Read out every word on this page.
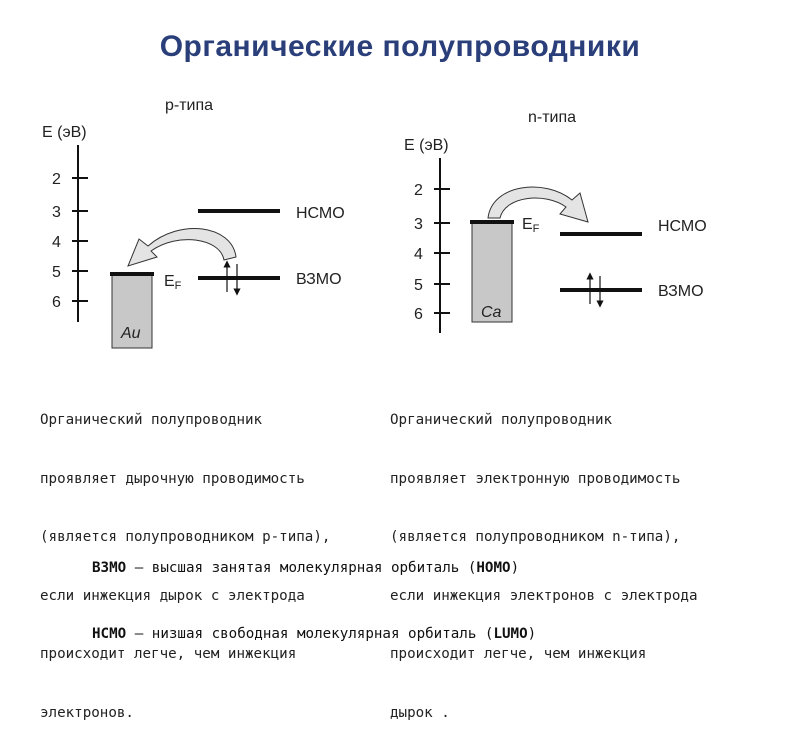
Органические полупроводники
p-типа
E (эВ)
2
3
4
5
6
Au
EF
НСМО
ВЗМО
n-типа
E (эВ)
2
3
4
5
6	Ca
EF	НСМО
ВЗМО

Органический полупроводник

проявляет дырочную проводимость

(является полупроводником p-типа),

если инжекция дырок с электрода

происходит легче, чем инжекция

электронов.

Органический полупроводник

проявляет электронную проводимость

(является полупроводником n-типа),

если инжекция электронов с электрода

происходит легче, чем инжекция

дырок .

ВЗМО – высшая занятая молекулярная орбиталь (HOMO)

НСМО – низшая свободная молекулярная орбиталь (LUMO)
